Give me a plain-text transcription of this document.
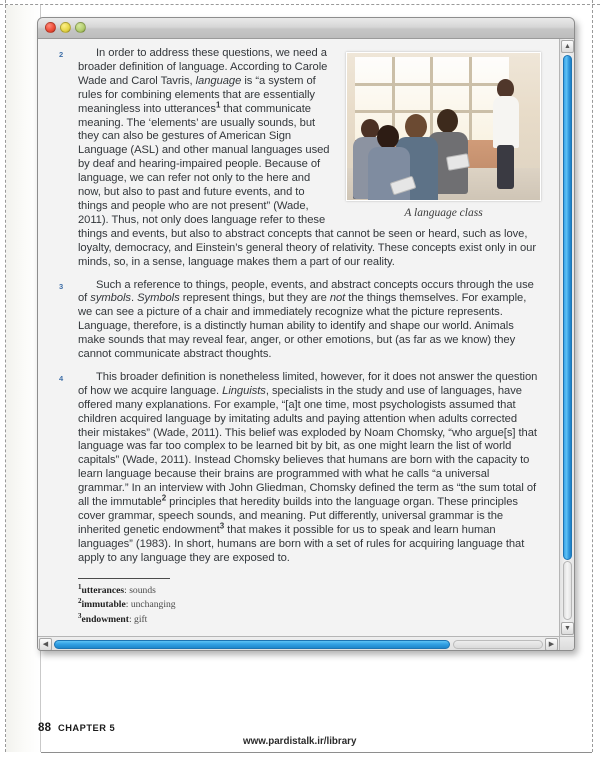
A language class

2	In order to address these questions, we need a broader definition of language. According to Carole Wade and Carol Tavris, language is “a system of rules for combining elements that are essentially meaningless into utterances$^1$ that communicate meaning. The ‘elements’ are usually sounds, but they can also be gestures of American Sign Language (ASL) and other manual languages used by deaf and hearing-impaired people. Because of language, we can refer not only to the here and now, but also to past and future events, and to things and people who are not present” (Wade, 2011). Thus, not only does language refer to these things and events, but also to abstract concepts that cannot be seen or heard, such as love, loyalty, democracy, and Einstein’s general theory of relativity. These concepts exist only in our minds, so, in a sense, language makes them a part of our reality.

3	Such a reference to things, people, events, and abstract concepts occurs through the use of symbols. Symbols represent things, but they are not the things themselves. For example, we can see a picture of a chair and immediately recognize what the picture represents. Language, therefore, is a distinctly human ability to identify and shape our world. Animals make sounds that may reveal fear, anger, or other emotions, but (as far as we know) they cannot communicate abstract thoughts.

4	This broader definition is nonetheless limited, however, for it does not answer the question of how we acquire language. Linguists, specialists in the study and use of languages, have offered many explanations. For example, “[a]t one time, most psychologists assumed that children acquired language by imitating adults and paying attention when adults corrected their mistakes” (Wade, 2011). This belief was exploded by Noam Chomsky, “who argue[s] that language was far too complex to be learned bit by bit, as one might learn the list of world capitals” (Wade, 2011). Instead Chomsky believes that humans are born with the capacity to learn language because their brains are programmed with what he calls “a universal grammar.” In an interview with John Gliedman, Chomsky defined the term as “the sum total of all the immutable$^2$ principles that heredity builds into the language organ. These principles cover grammar, speech sounds, and meaning. Put differently, universal grammar is the inherited genetic endowment$^3$ that makes it possible for us to speak and learn human languages” (1983). In short, humans are born with a set of rules for acquiring language that apply to any language they are exposed to.

$^1$utterances: sounds
$^2$immutable: unchanging
$^3$endowment: gift
▲
▼
◀	▶
88 CHAPTER 5
www.pardistalk.ir/library
